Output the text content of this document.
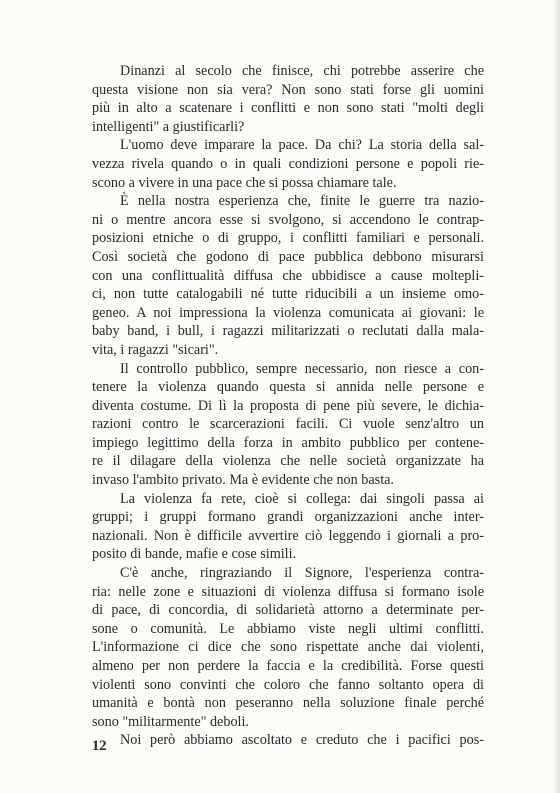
Dinanzi al secolo che finisce, chi potrebbe asserire che
questa visione non sia vera? Non sono stati forse gli uomini
più in alto a scatenare i conflitti e non sono stati "molti degli
intelligenti" a giustificarli?

L'uomo deve imparare la pace. Da chi? La storia della sal-
vezza rivela quando o in quali condizioni persone e popoli rie-
scono a vivere in una pace che si possa chiamare tale.

È nella nostra esperienza che, finite le guerre tra nazio-
ni o mentre ancora esse si svolgono, si accendono le contrap-
posizioni etniche o di gruppo, i conflitti familiari e personali.
Così società che godono di pace pubblica debbono misurarsi
con una conflittualità diffusa che ubbidisce a cause moltepli-
ci, non tutte catalogabili né tutte riducibili a un insieme omo-
geneo. A noi impressiona la violenza comunicata ai giovani: le
baby band, i bull, i ragazzi militarizzati o reclutati dalla mala-
vita, i ragazzi "sicari".

Il controllo pubblico, sempre necessario, non riesce a con-
tenere la violenza quando questa si annida nelle persone e
diventa costume. Di lì la proposta di pene più severe, le dichia-
razioni contro le scarcerazioni facili. Ci vuole senz'altro un
impiego legittimo della forza in ambito pubblico per contene-
re il dilagare della violenza che nelle società organizzate ha
invaso l'ambito privato. Ma è evidente che non basta.

La violenza fa rete, cioè si collega: dai singoli passa ai
gruppi; i gruppi formano grandi organizzazioni anche inter-
nazionali. Non è difficile avvertire ciò leggendo i giornali a pro-
posito di bande, mafie e cose simili.

C'è anche, ringraziando il Signore, l'esperienza contra-
ria: nelle zone e situazioni di violenza diffusa si formano isole
di pace, di concordia, di solidarietà attorno a determinate per-
sone o comunità. Le abbiamo viste negli ultimi conflitti.
L'informazione ci dice che sono rispettate anche dai violenti,
almeno per non perdere la faccia e la credibilità. Forse questi
violenti sono convinti che coloro che fanno soltanto opera di
umanità e bontà non peseranno nella soluzione finale perché
sono "militarmente" deboli.

Noi però abbiamo ascoltato e creduto che i pacifici pos-

12
